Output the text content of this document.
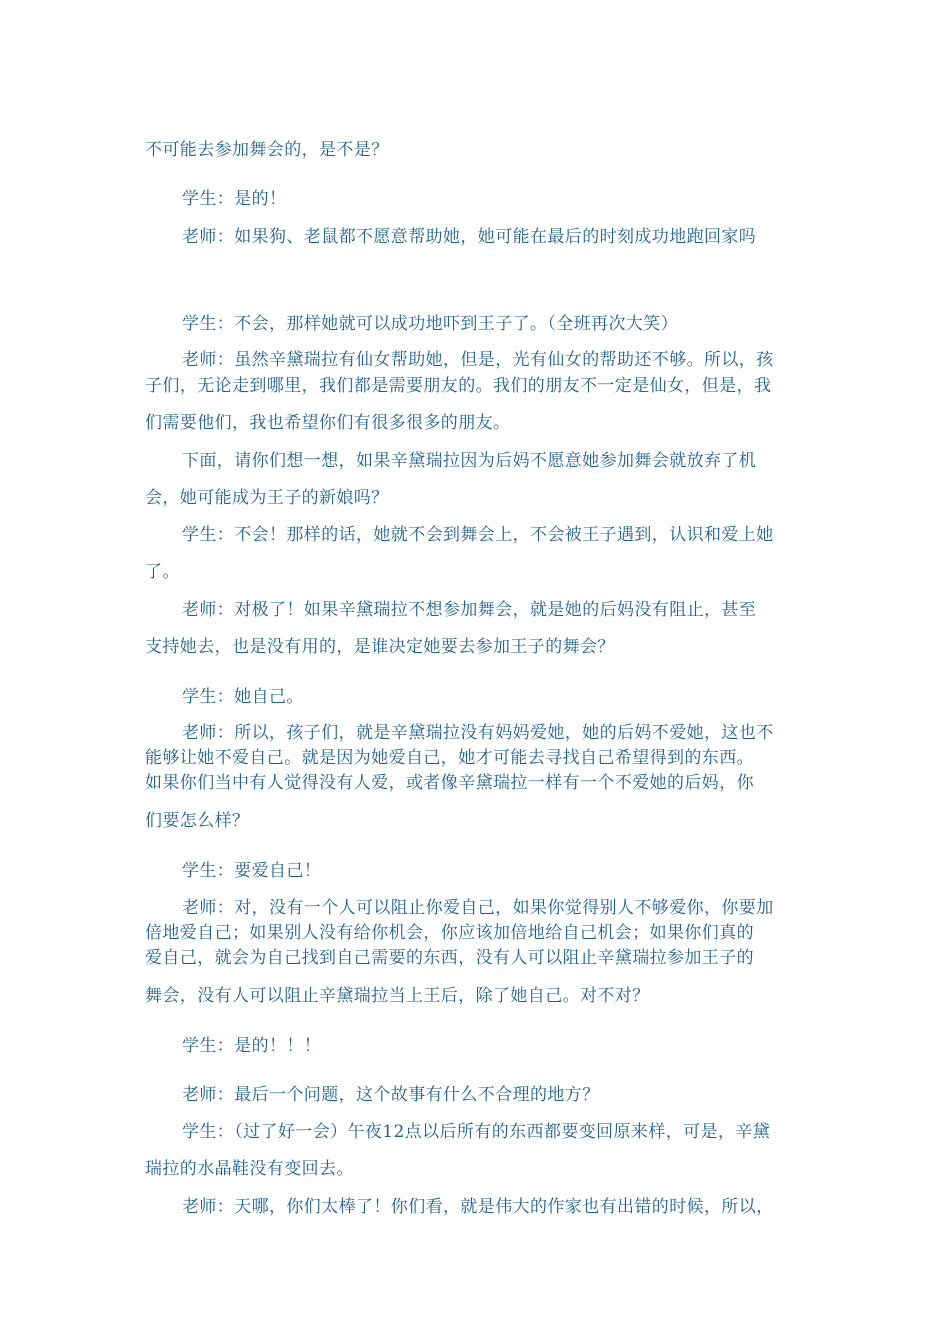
不可能去参加舞会的，是不是？
学生：是的！
老师：如果狗、老鼠都不愿意帮助她，她可能在最后的时刻成功地跑回家吗
学生：不会，那样她就可以成功地吓到王子了。（全班再次大笑）
老师：虽然辛黛瑞拉有仙女帮助她，但是，光有仙女的帮助还不够。所以，孩
子们，无论走到哪里，我们都是需要朋友的。我们的朋友不一定是仙女，但是，我
们需要他们，我也希望你们有很多很多的朋友。
下面，请你们想一想，如果辛黛瑞拉因为后妈不愿意她参加舞会就放弃了机
会，她可能成为王子的新娘吗？
学生：不会！那样的话，她就不会到舞会上，不会被王子遇到，认识和爱上她
了。
老师：对极了！如果辛黛瑞拉不想参加舞会，就是她的后妈没有阻止，甚至
支持她去，也是没有用的，是谁决定她要去参加王子的舞会？
学生：她自己。
老师：所以，孩子们，就是辛黛瑞拉没有妈妈爱她，她的后妈不爱她，这也不
能够让她不爱自己。就是因为她爱自己，她才可能去寻找自己希望得到的东西。
如果你们当中有人觉得没有人爱，或者像辛黛瑞拉一样有一个不爱她的后妈，你
们要怎么样？
学生：要爱自己！
老师：对，没有一个人可以阻止你爱自己，如果你觉得别人不够爱你，你要加
倍地爱自己；如果别人没有给你机会，你应该加倍地给自己机会；如果你们真的
爱自己，就会为自己找到自己需要的东西，没有人可以阻止辛黛瑞拉参加王子的
舞会，没有人可以阻止辛黛瑞拉当上王后，除了她自己。对不对？
学生：是的！！！
老师：最后一个问题，这个故事有什么不合理的地方？
学生：（过了好一会）午夜12点以后所有的东西都要变回原来样，可是，辛黛
瑞拉的水晶鞋没有变回去。
老师：天哪，你们太棒了！你们看，就是伟大的作家也有出错的时候，所以，
